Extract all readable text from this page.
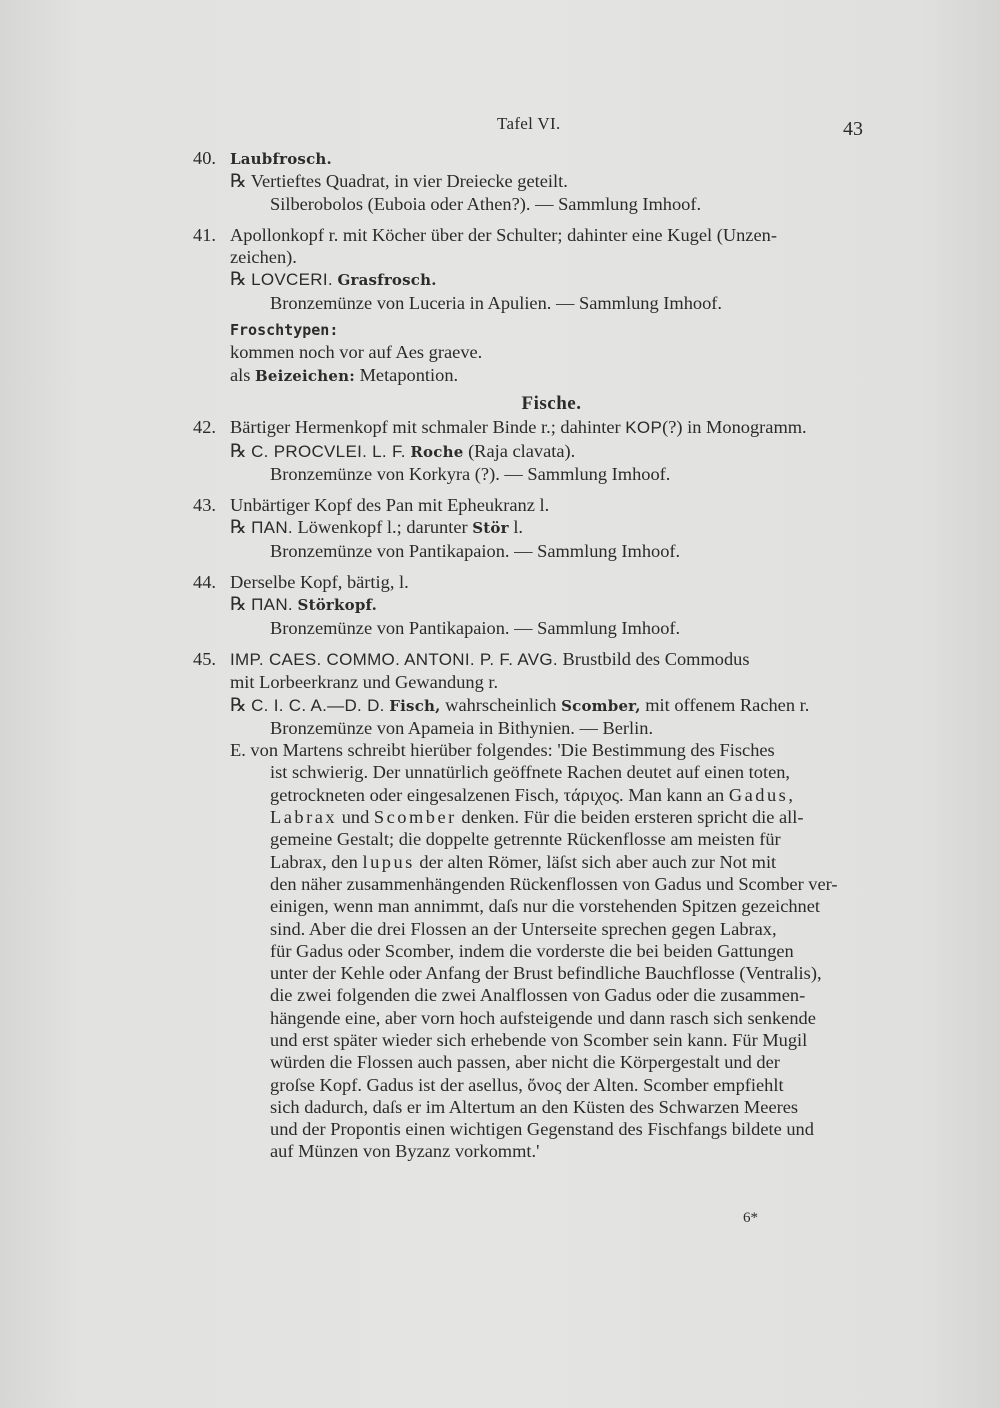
Tafel VI.	43
40. Laubfrosch.
℞ Vertieftes Quadrat, in vier Dreiecke geteilt.
Silberobolos (Euboia oder Athen?). — Sammlung Imhoof.
41. Apollonkopf r. mit Köcher über der Schulter; dahinter eine Kugel (Unzen-
zeichen).
℞ LOVCERI. Grasfrosch.
Bronzemünze von Luceria in Apulien. — Sammlung Imhoof.
Froschtypen:
kommen noch vor auf Aes graeve.
als Beizeichen: Metapontion.
Fische.
42. Bärtiger Hermenkopf mit schmaler Binde r.; dahinter KOP(?) in Monogramm.
℞ C. PROCVLEI. L. F. Roche (Raja clavata).
Bronzemünze von Korkyra (?). — Sammlung Imhoof.
43. Unbärtiger Kopf des Pan mit Epheukranz l.
℞ ΠAN. Löwenkopf l.; darunter Stör l.
Bronzemünze von Pantikapaion. — Sammlung Imhoof.
44. Derselbe Kopf, bärtig, l.
℞ ΠAN. Störkopf.
Bronzemünze von Pantikapaion. — Sammlung Imhoof.
45. IMP. CAES. COMMO. ANTONI. P. F. AVG. Brustbild des Commodus
mit Lorbeerkranz und Gewandung r.
℞ C. I. C. A.—D. D. Fisch, wahrscheinlich Scomber, mit offenem Rachen r.
Bronzemünze von Apameia in Bithynien. — Berlin.
E. von Martens schreibt hierüber folgendes: 'Die Bestimmung des Fisches
ist schwierig. Der unnatürlich geöffnete Rachen deutet auf einen toten,
getrockneten oder eingesalzenen Fisch, τάριχος. Man kann an Gadus,
Labrax und Scomber denken. Für die beiden ersteren spricht die all-
gemeine Gestalt; die doppelte getrennte Rückenflosse am meisten für
Labrax, den lupus der alten Römer, läſst sich aber auch zur Not mit
den näher zusammenhängenden Rückenflossen von Gadus und Scomber ver-
einigen, wenn man annimmt, daſs nur die vorstehenden Spitzen gezeichnet
sind. Aber die drei Flossen an der Unterseite sprechen gegen Labrax,
für Gadus oder Scomber, indem die vorderste die bei beiden Gattungen
unter der Kehle oder Anfang der Brust befindliche Bauchflosse (Ventralis),
die zwei folgenden die zwei Analflossen von Gadus oder die zusammen-
hängende eine, aber vorn hoch aufsteigende und dann rasch sich senkende
und erst später wieder sich erhebende von Scomber sein kann. Für Mugil
würden die Flossen auch passen, aber nicht die Körpergestalt und der
groſse Kopf. Gadus ist der asellus, ὄνος der Alten. Scomber empfiehlt
sich dadurch, daſs er im Altertum an den Küsten des Schwarzen Meeres
und der Propontis einen wichtigen Gegenstand des Fischfangs bildete und
auf Münzen von Byzanz vorkommt.'
6*
